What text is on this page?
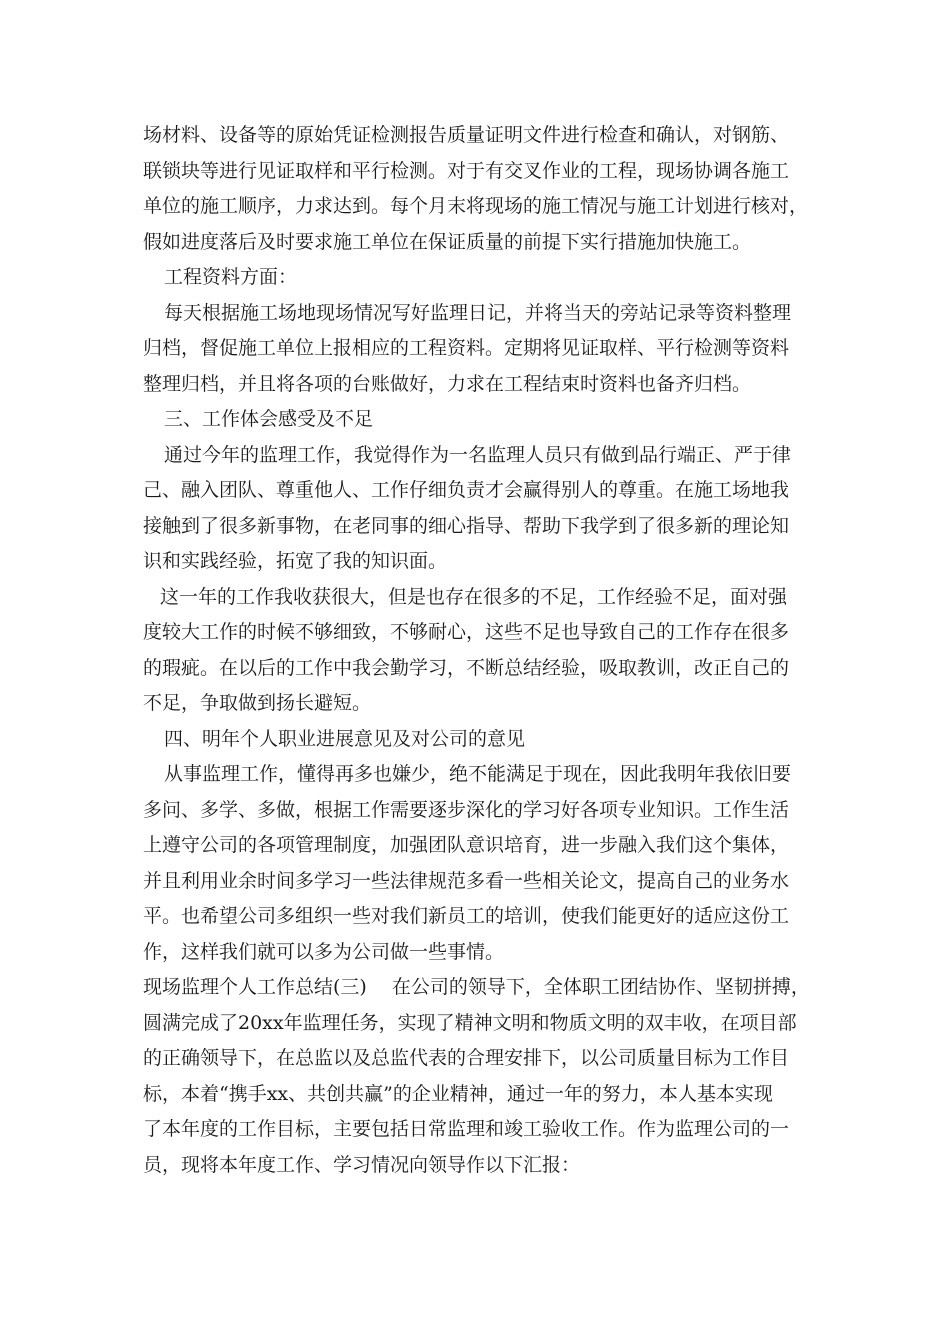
场材料、设备等的原始凭证检测报告质量证明文件进行检查和确认，对钢筋、
联锁块等进行见证取样和平行检测。对于有交叉作业的工程，现场协调各施工
单位的施工顺序，力求达到。每个月末将现场的施工情况与施工计划进行核对，
假如进度落后及时要求施工单位在保证质量的前提下实行措施加快施工。
工程资料方面：
每天根据施工场地现场情况写好监理日记，并将当天的旁站记录等资料整理
归档，督促施工单位上报相应的工程资料。定期将见证取样、平行检测等资料
整理归档，并且将各项的台账做好，力求在工程结束时资料也备齐归档。
三、工作体会感受及不足
通过今年的监理工作，我觉得作为一名监理人员只有做到品行端正、严于律
己、融入团队、尊重他人、工作仔细负责才会赢得别人的尊重。在施工场地我
接触到了很多新事物，在老同事的细心指导、帮助下我学到了很多新的理论知
识和实践经验，拓宽了我的知识面。
这一年的工作我收获很大，但是也存在很多的不足，工作经验不足，面对强
度较大工作的时候不够细致，不够耐心，这些不足也导致自己的工作存在很多
的瑕疵。在以后的工作中我会勤学习，不断总结经验，吸取教训，改正自己的
不足，争取做到扬长避短。
四、明年个人职业进展意见及对公司的意见
从事监理工作，懂得再多也嫌少，绝不能满足于现在，因此我明年我依旧要
多问、多学、多做，根据工作需要逐步深化的学习好各项专业知识。工作生活
上遵守公司的各项管理制度，加强团队意识培育，进一步融入我们这个集体，
并且利用业余时间多学习一些法律规范多看一些相关论文，提高自己的业务水
平。也希望公司多组织一些对我们新员工的培训，使我们能更好的适应这份工
作，这样我们就可以多为公司做一些事情。
现场监理个人工作总结(三)　 在公司的领导下，全体职工团结协作、坚韧拼搏，
圆满完成了20xx年监理任务，实现了精神文明和物质文明的双丰收，在项目部
的正确领导下，在总监以及总监代表的合理安排下，以公司质量目标为工作目
标，本着“携手xx、共创共赢”的企业精神，通过一年的努力，本人基本实现
了本年度的工作目标，主要包括日常监理和竣工验收工作。作为监理公司的一
员，现将本年度工作、学习情况向领导作以下汇报：
